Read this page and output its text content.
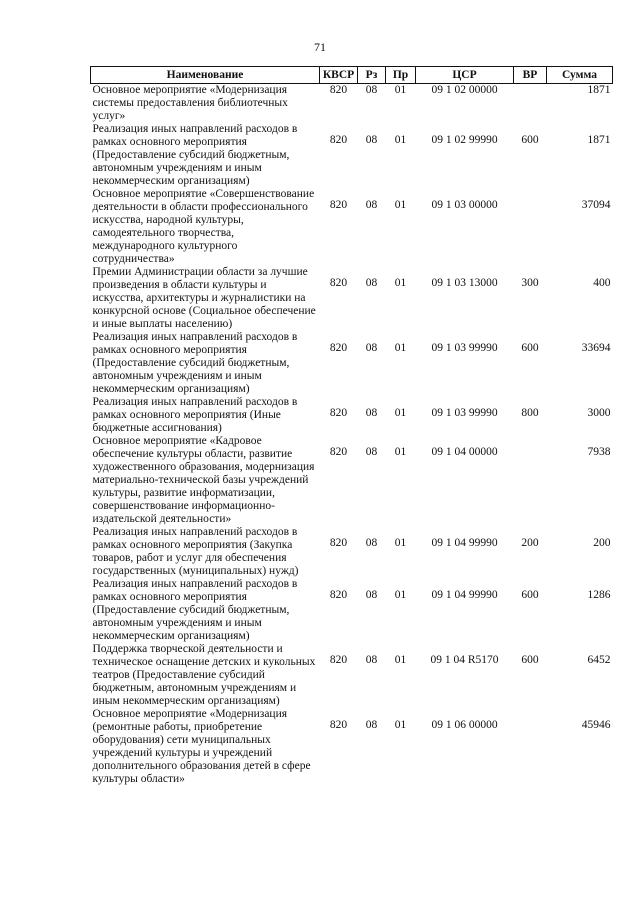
71
Наименование	КВСР	Рз	Пр	ЦСР	ВР	Сумма
Основное мероприятие «Модернизация системы предоставления библиотечных услуг»	820	08	01	09 1 02 00000		1871

Реализация иных направлений расходов в рамках основного мероприятия (Предоставление субсидий бюджетным, автономным учреждениям и иным некоммерческим организациям)	820	08	01	09 1 02 99990	600	1871

Основное мероприятие «Совершенствование деятельности в области профессионального искусства, народной культуры, самодеятельного творчества, международного культурного сотрудничества»	820	08	01	09 1 03 00000		37094

Премии Администрации области за лучшие произведения в области культуры и искусства, архитектуры и журналистики на конкурсной основе (Социальное обеспечение и иные выплаты населению)	820	08	01	09 1 03 13000	300	400

Реализация иных направлений расходов в рамках основного мероприятия (Предоставление субсидий бюджетным, автономным учреждениям и иным некоммерческим организациям)	820	08	01	09 1 03 99990	600	33694

Реализация иных направлений расходов в рамках основного мероприятия (Иные бюджетные ассигнования)	820	08	01	09 1 03 99990	800	3000

Основное мероприятие «Кадровое обеспечение культуры области, развитие художественного образования, модернизация материально-технической базы учреждений культуры, развитие информатизации, совершенствование информационно-издательской деятельности»	820	08	01	09 1 04 00000		7938

Реализация иных направлений расходов в рамках основного мероприятия (Закупка товаров, работ и услуг для обеспечения государственных (муниципальных) нужд)	820	08	01	09 1 04 99990	200	200

Реализация иных направлений расходов в рамках основного мероприятия (Предоставление субсидий бюджетным, автономным учреждениям и иным некоммерческим организациям)	820	08	01	09 1 04 99990	600	1286

Поддержка творческой деятельности и техническое оснащение детских и кукольных театров (Предоставление субсидий бюджетным, автономным учреждениям и иным некоммерческим организациям)	820	08	01	09 1 04 R5170	600	6452

Основное мероприятие «Модернизация (ремонтные работы, приобретение оборудования) сети муниципальных учреждений культуры и учреждений дополнительного образования детей в сфере культуры области»	820	08	01	09 1 06 00000		45946
